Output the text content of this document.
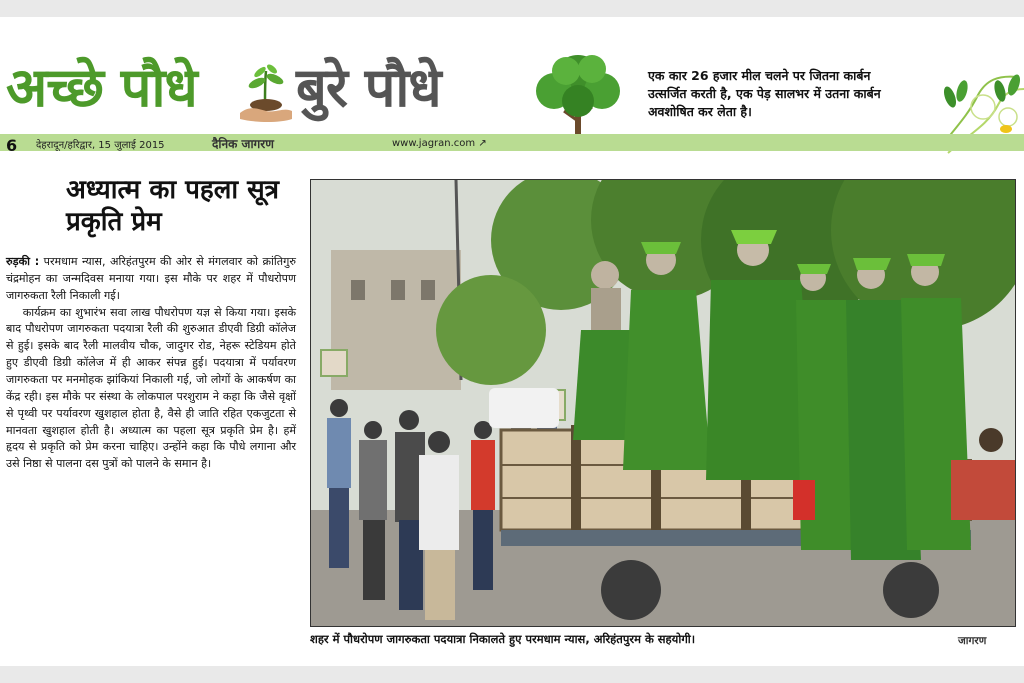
अच्छे पौधे बुरे पौधे	एक कार 26 हजार मील चलने पर जितना कार्बन उत्सर्जित करती है, एक पेड़ सालभर में उतना कार्बन अवशोषित कर लेता है।
6 देहरादून/हरिद्वार, 15 जुलाई 2015	दैनिक जागरण	www.jagran.com ↗
अध्यात्म का पहला सूत्र प्रकृति प्रेम

रुड़की : परमधाम न्यास, अरिहंतपुरम की ओर से मंगलवार को क्रांतिगुरु चंद्रमोहन का जन्मदिवस मनाया गया। इस मौके पर शहर में पौधरोपण जागरुकता रैली निकाली गई।

कार्यक्रम का शुभारंभ सवा लाख पौधरोपण यज्ञ से किया गया। इसके बाद पौधरोपण जागरुकता पदयात्रा रैली की शुरुआत डीएवी डिग्री कॉलेज से हुई। इसके बाद रैली मालवीय चौक, जादुगर रोड, नेहरू स्टेडियम होते हुए डीएवी डिग्री कॉलेज में ही आकर संपन्न हुई। पदयात्रा में पर्यावरण जागरुकता पर मनमोहक झांकियां निकाली गई, जो लोगों के आकर्षण का केंद्र रही। इस मौके पर संस्था के लोकपाल परशुराम ने कहा कि जैसे वृक्षों से पृथ्वी पर पर्यावरण खुशहाल होता है, वैसे ही जाति रहित एकजुटता से मानवता खुशहाल होती है। अध्यात्म का पहला सूत्र प्रकृति प्रेम है। हमें हृदय से प्रकृति को प्रेम करना चाहिए। उन्होंने कहा कि पौधे लगाना और उसे निष्ठा से पालना दस पुत्रों को पालने के समान है।

शहर में पौधरोपण जागरुकता पदयात्रा निकालते हुए परमधाम न्यास, अरिहंतपुरम के सहयोगी।	जागरण
